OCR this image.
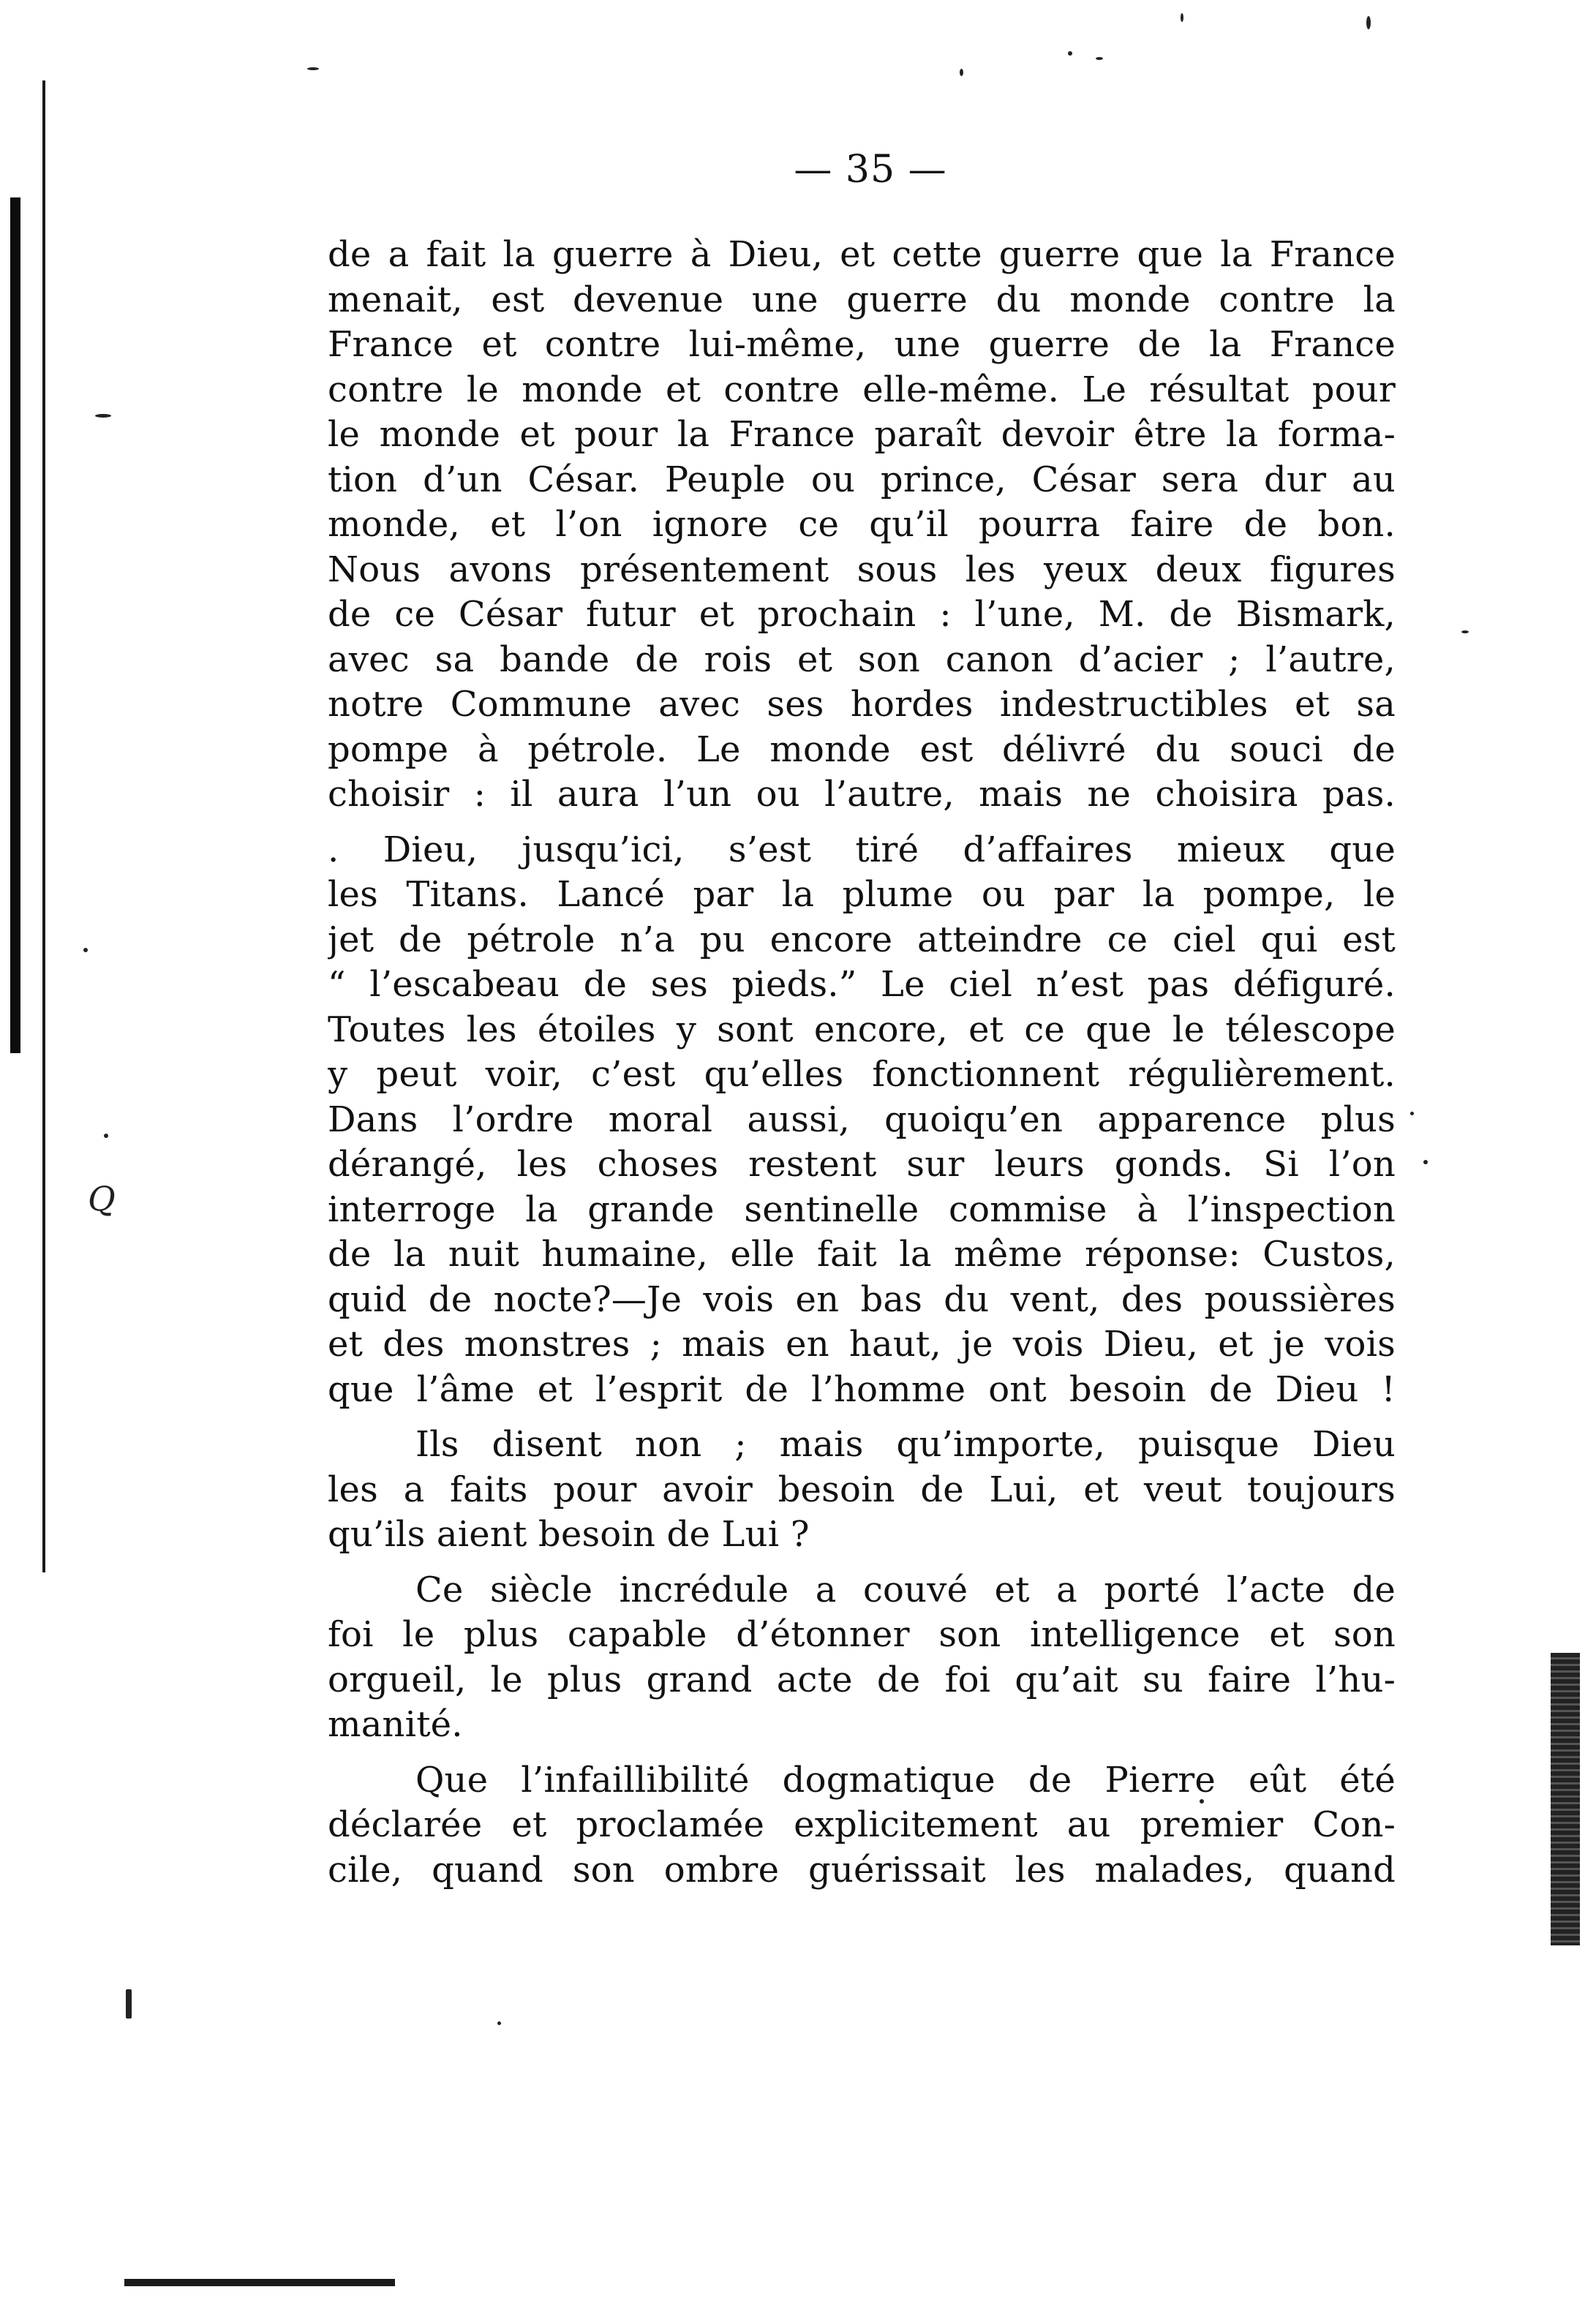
Q
— 35 —

de a fait la guerre à Dieu, et cette guerre que la France
menait, est devenue une guerre du monde contre la
France et contre lui-même, une guerre de la France
contre le monde et contre elle-même. Le résultat pour
le monde et pour la France paraît devoir être la forma-
tion d’un César. Peuple ou prince, César sera dur au
monde, et l’on ignore ce qu’il pourra faire de bon.
Nous avons présentement sous les yeux deux figures
de ce César futur et prochain : l’une, M. de Bismark,
avec sa bande de rois et son canon d’acier ; l’autre,
notre Commune avec ses hordes indestructibles et sa
pompe à pétrole. Le monde est délivré du souci de
choisir : il aura l’un ou l’autre, mais ne choisira pas.

. Dieu, jusqu’ici, s’est tiré d’affaires mieux que
les Titans. Lancé par la plume ou par la pompe, le
jet de pétrole n’a pu encore atteindre ce ciel qui est
“ l’escabeau de ses pieds.” Le ciel n’est pas défiguré.
Toutes les étoiles y sont encore, et ce que le télescope
y peut voir, c’est qu’elles fonctionnent régulièrement.
Dans l’ordre moral aussi, quoiqu’en apparence plus
dérangé, les choses restent sur leurs gonds. Si l’on
interroge la grande sentinelle commise à l’inspection
de la nuit humaine, elle fait la même réponse: Custos,
quid de nocte?—Je vois en bas du vent, des poussières
et des monstres ; mais en haut, je vois Dieu, et je vois
que l’âme et l’esprit de l’homme ont besoin de Dieu !

Ils disent non ; mais qu’importe, puisque Dieu
les a faits pour avoir besoin de Lui, et veut toujours
qu’ils aient besoin de Lui ?

Ce siècle incrédule a couvé et a porté l’acte de
foi le plus capable d’étonner son intelligence et son
orgueil, le plus grand acte de foi qu’ait su faire l’hu-
manité.

Que l’infaillibilité dogmatique de Pierre eût été
déclarée et proclamée explicitement au premier Con-
cile, quand son ombre guérissait les malades, quand
